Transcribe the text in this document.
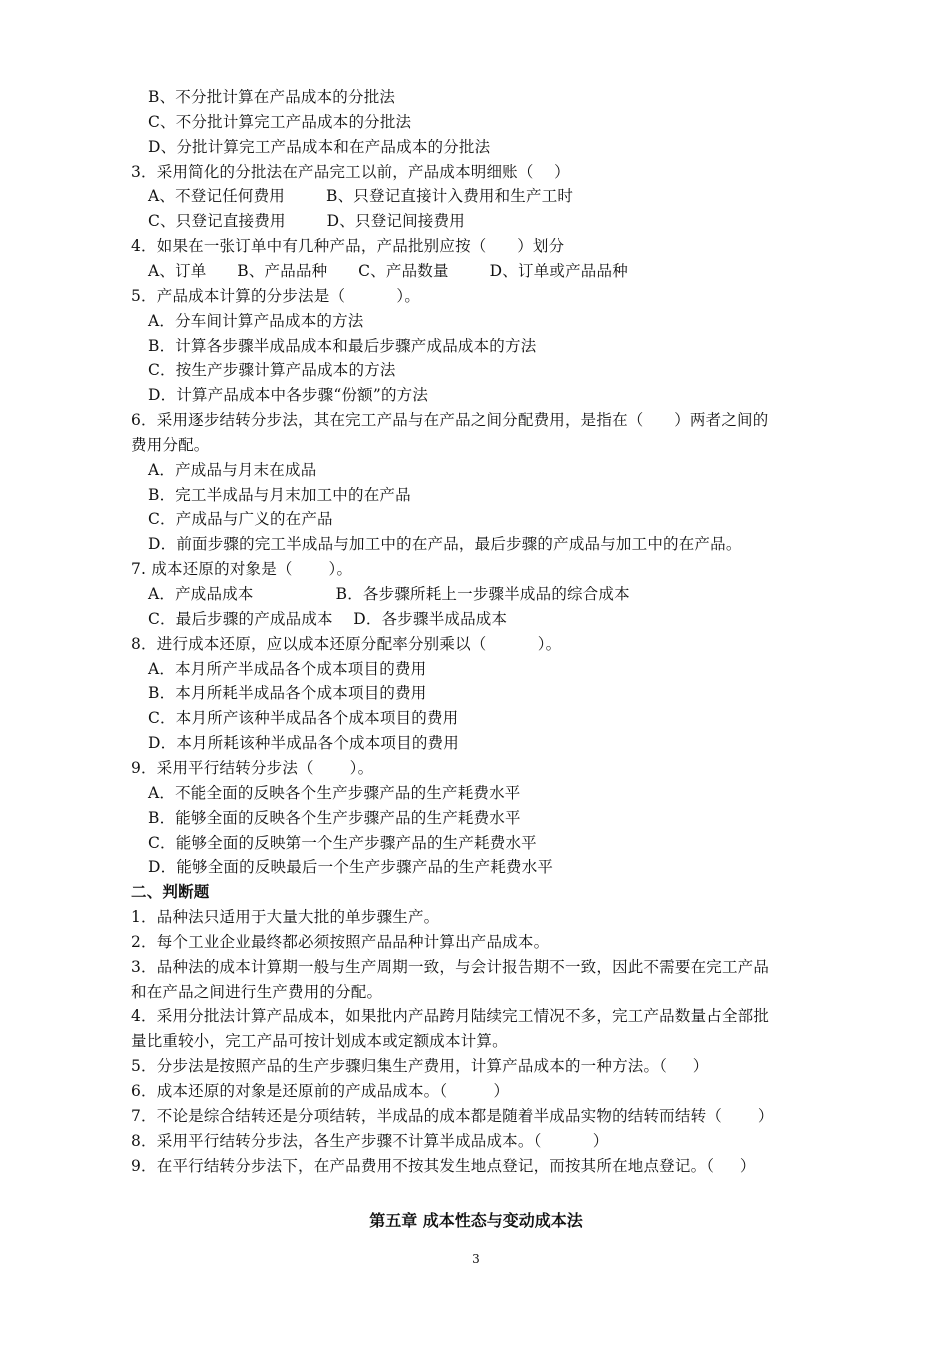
B、不分批计算在产品成本的分批法
C、不分批计算完工产品成本的分批法
D、分批计算完工产品成本和在产品成本的分批法
3．采用简化的分批法在产品完工以前，产品成本明细账（    ）
A、不登记任何费用        B、只登记直接计入费用和生产工时
C、只登记直接费用        D、只登记间接费用
4．如果在一张订单中有几种产品，产品批别应按（      ）划分
A、订单      B、产品品种      C、产品数量        D、订单或产品品种
5．产品成本计算的分步法是（          ）。
A．分车间计算产品成本的方法
B．计算各步骤半成品成本和最后步骤产成品成本的方法
C．按生产步骤计算产品成本的方法
D．计算产品成本中各步骤“份额”的方法
6．采用逐步结转分步法，其在完工产品与在产品之间分配费用，是指在（      ）两者之间的
费用分配。
A．产成品与月末在成品
B．完工半成品与月末加工中的在产品
C．产成品与广义的在产品
D．前面步骤的完工半成品与加工中的在产品，最后步骤的产成品与加工中的在产品。
7. 成本还原的对象是（       ）。
A．产成品成本                B．各步骤所耗上一步骤半成品的综合成本
C．最后步骤的产成品成本    D．各步骤半成品成本
8．进行成本还原，应以成本还原分配率分别乘以（          ）。
A．本月所产半成品各个成本项目的费用
B．本月所耗半成品各个成本项目的费用
C．本月所产该种半成品各个成本项目的费用
D．本月所耗该种半成品各个成本项目的费用
9．采用平行结转分步法（       ）。
A．不能全面的反映各个生产步骤产品的生产耗费水平
B．能够全面的反映各个生产步骤产品的生产耗费水平
C．能够全面的反映第一个生产步骤产品的生产耗费水平
D．能够全面的反映最后一个生产步骤产品的生产耗费水平
二、判断题
1．品种法只适用于大量大批的单步骤生产。
2．每个工业企业最终都必须按照产品品种计算出产品成本。
3．品种法的成本计算期一般与生产周期一致，与会计报告期不一致，因此不需要在完工产品
和在产品之间进行生产费用的分配。
4．采用分批法计算产品成本，如果批内产品跨月陆续完工情况不多，完工产品数量占全部批
量比重较小，完工产品可按计划成本或定额成本计算。
5．分步法是按照产品的生产步骤归集生产费用，计算产品成本的一种方法。（     ）
6．成本还原的对象是还原前的产成品成本。（         ）
7．不论是综合结转还是分项结转，半成品的成本都是随着半成品实物的结转而结转（       ）
8．采用平行结转分步法，各生产步骤不计算半成品成本。（          ）
9．在平行结转分步法下，在产品费用不按其发生地点登记，而按其所在地点登记。（     ）
第五章 成本性态与变动成本法
3
